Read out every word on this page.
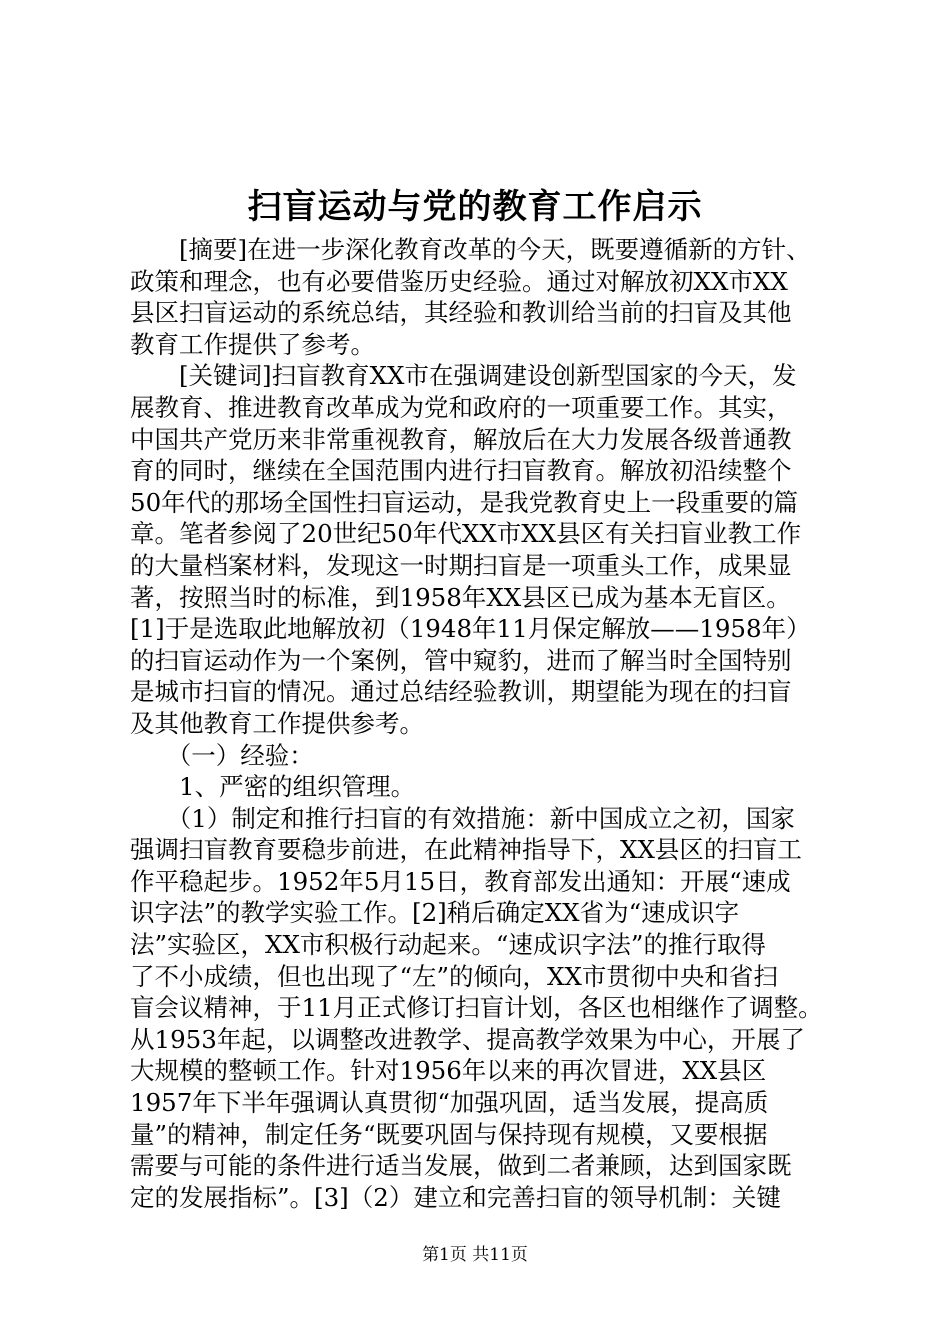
扫盲运动与党的教育工作启示
　　[摘要]在进一步深化教育改革的今天，既要遵循新的方针、
政策和理念，也有必要借鉴历史经验。通过对解放初XX市XX
县区扫盲运动的系统总结，其经验和教训给当前的扫盲及其他
教育工作提供了参考。
　　[关键词]扫盲教育XX市在强调建设创新型国家的今天，发
展教育、推进教育改革成为党和政府的一项重要工作。其实，
中国共产党历来非常重视教育，解放后在大力发展各级普通教
育的同时，继续在全国范围内进行扫盲教育。解放初沿续整个
50年代的那场全国性扫盲运动，是我党教育史上一段重要的篇
章。笔者参阅了20世纪50年代XX市XX县区有关扫盲业教工作
的大量档案材料，发现这一时期扫盲是一项重头工作，成果显
著，按照当时的标准，到1958年XX县区已成为基本无盲区。
[1]于是选取此地解放初（1948年11月保定解放——1958年）
的扫盲运动作为一个案例，管中窥豹，进而了解当时全国特别
是城市扫盲的情况。通过总结经验教训，期望能为现在的扫盲
及其他教育工作提供参考。
　　（一）经验：
　　1、严密的组织管理。
　　（1）制定和推行扫盲的有效措施：新中国成立之初，国家
强调扫盲教育要稳步前进，在此精神指导下，XX县区的扫盲工
作平稳起步。1952年5月15日，教育部发出通知：开展“速成
识字法”的教学实验工作。[2]稍后确定XX省为“速成识字
法”实验区，XX市积极行动起来。“速成识字法”的推行取得
了不小成绩，但也出现了“左”的倾向，XX市贯彻中央和省扫
盲会议精神，于11月正式修订扫盲计划，各区也相继作了调整。
从1953年起，以调整改进教学、提高教学效果为中心，开展了
大规模的整顿工作。针对1956年以来的再次冒进，XX县区
1957年下半年强调认真贯彻“加强巩固，适当发展，提高质
量”的精神，制定任务“既要巩固与保持现有规模，又要根据
需要与可能的条件进行适当发展，做到二者兼顾，达到国家既
定的发展指标”。[3]（2）建立和完善扫盲的领导机制：关键
第1页 共11页
